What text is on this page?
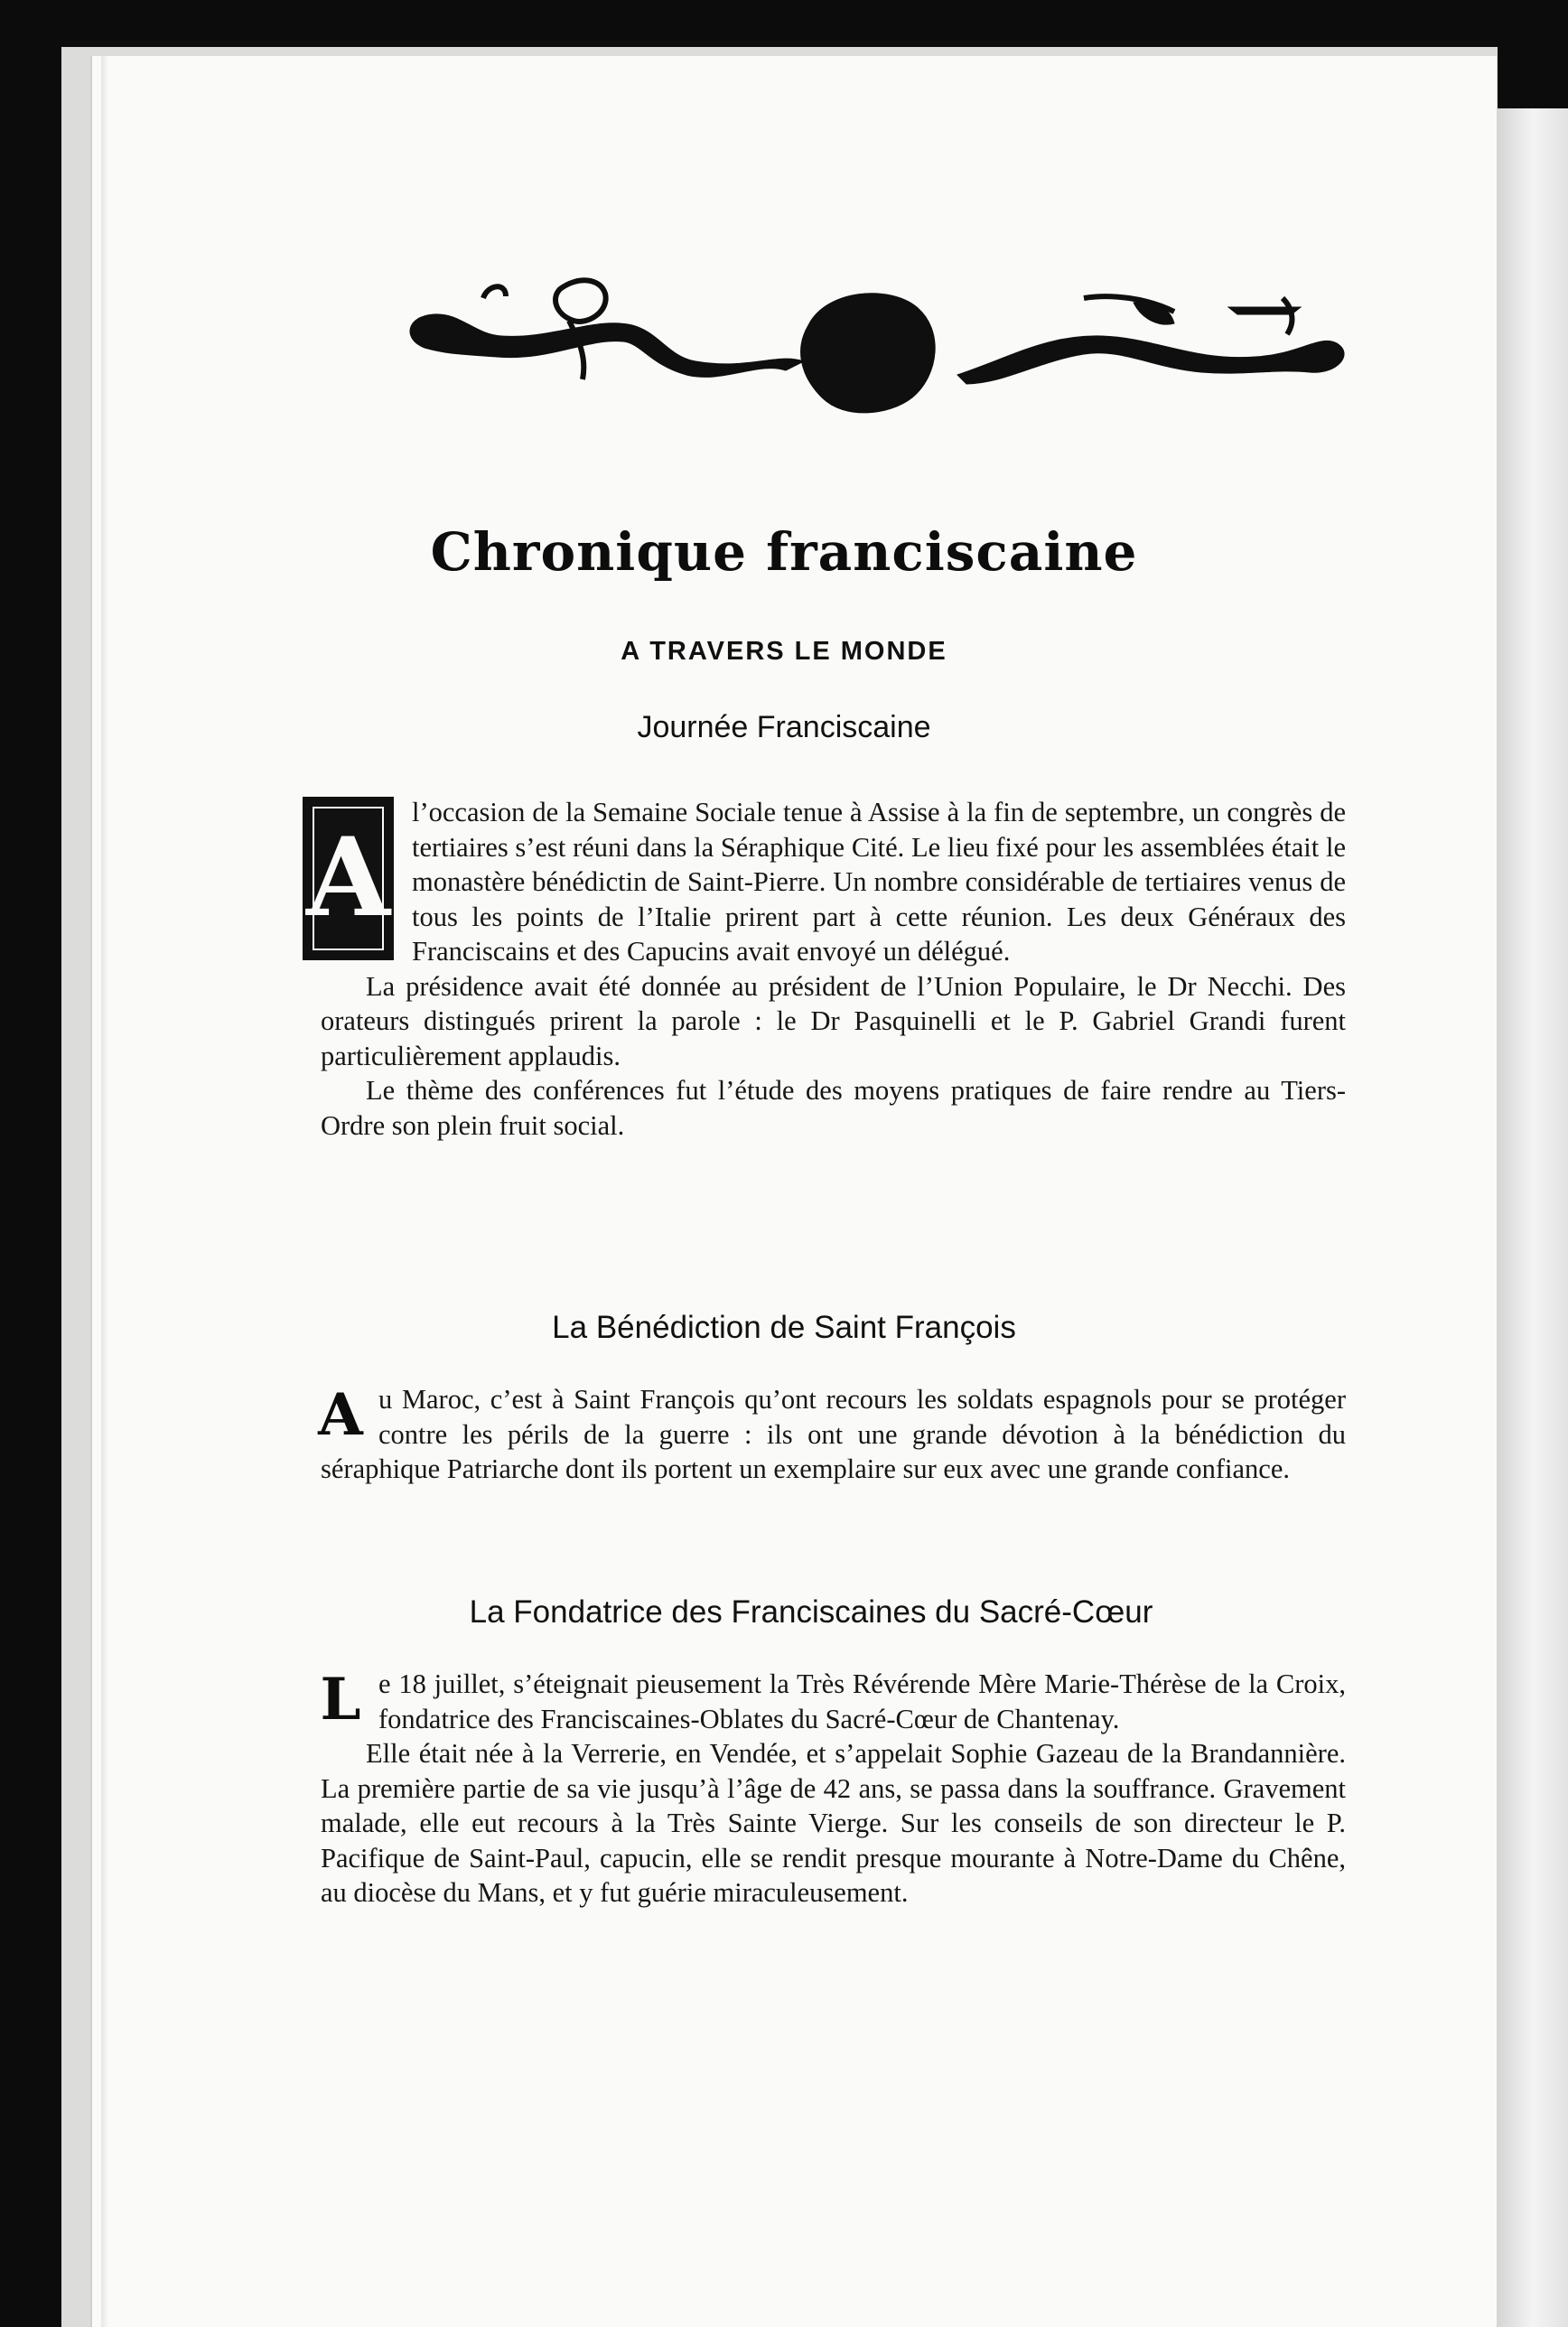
Chronique franciscaine
A TRAVERS LE MONDE
Journée Franciscaine
A

l’occasion de la Semaine Sociale tenue à Assise à la fin de septembre, un congrès de tertiaires s’est réuni dans la Séraphique Cité. Le lieu fixé pour les assemblées était le monastère bénédictin de Saint-Pierre. Un nombre considérable de tertiaires venus de tous les points de l’Italie prirent part à cette réunion. Les deux Généraux des Franciscains et des Capucins avait envoyé un délégué.

La présidence avait été donnée au président de l’Union Populaire, le Dr Necchi. Des orateurs distingués prirent la parole : le Dr Pasquinelli et le P. Gabriel Grandi furent particulièrement applaudis.

Le thème des conférences fut l’étude des moyens pratiques de faire rendre au Tiers-Ordre son plein fruit social.

La Bénédiction de Saint François
A u Maroc, c’est à Saint François qu’ont recours les soldats espagnols pour se protéger contre les périls de la guerre : ils ont une grande dévotion à la bénédiction du séraphique Patriarche dont ils portent un exemplaire sur eux avec une grande confiance.

La Fondatrice des Franciscaines du Sacré-Cœur
L e 18 juillet, s’éteignait pieusement la Très Révérende Mère Marie-Thérèse de la Croix, fondatrice des Franciscaines-Oblates du Sacré-Cœur de Chantenay.

Elle était née à la Verrerie, en Vendée, et s’appelait Sophie Gazeau de la Brandannière. La première partie de sa vie jusqu’à l’âge de 42 ans, se passa dans la souffrance. Gravement malade, elle eut recours à la Très Sainte Vierge. Sur les conseils de son directeur le P. Pacifique de Saint-Paul, capucin, elle se rendit presque mourante à Notre-Dame du Chêne, au diocèse du Mans, et y fut guérie miraculeusement.
